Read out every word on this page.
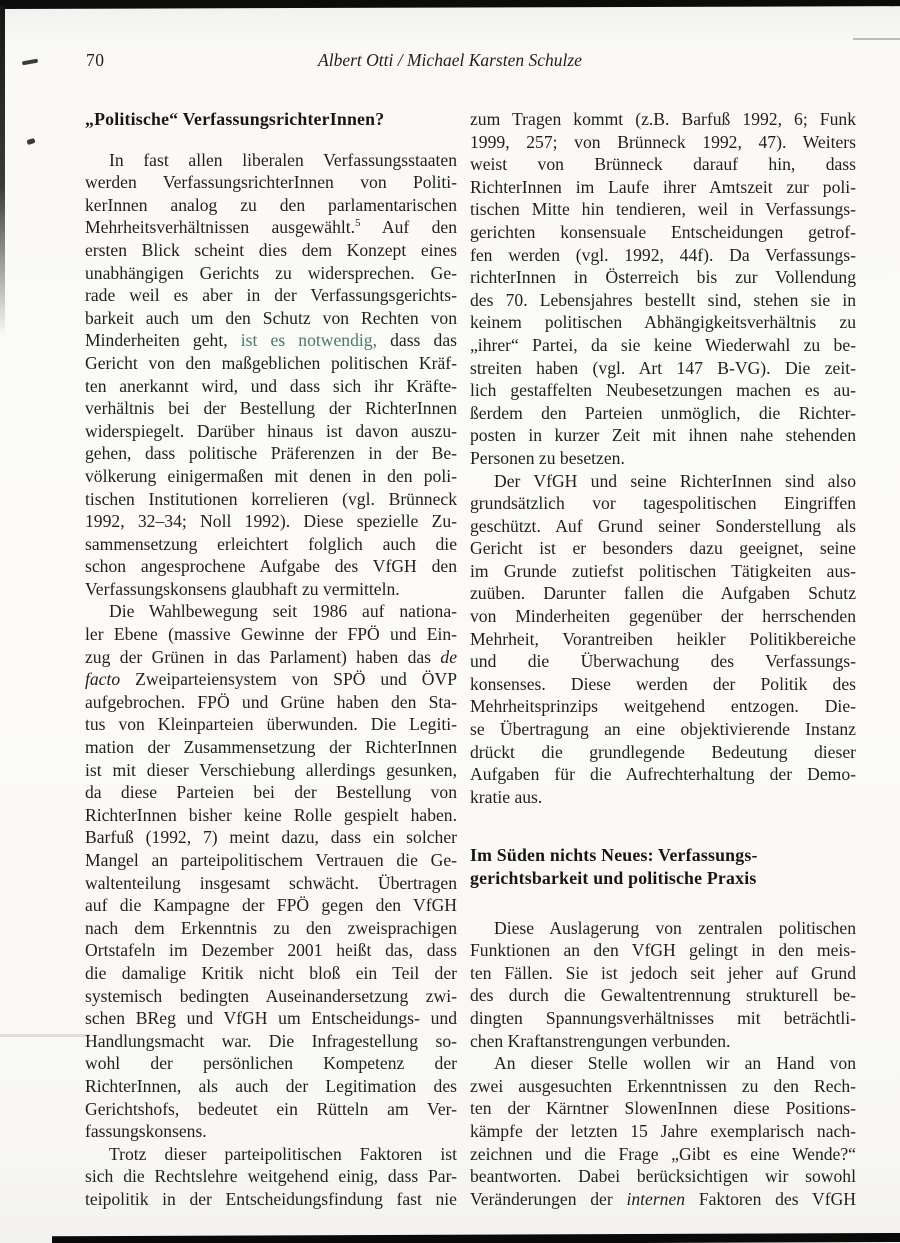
70	Albert Otti / Michael Karsten Schulze
„Politische“ VerfassungsrichterInnen?
In fast allen liberalen Verfassungsstaaten
werden VerfassungsrichterInnen von Politi-
kerInnen analog zu den parlamentarischen
Mehrheitsverhältnissen ausgewählt.$^5$ Auf den
ersten Blick scheint dies dem Konzept eines
unabhängigen Gerichts zu widersprechen. Ge-
rade weil es aber in der Verfassungsgerichts-
barkeit auch um den Schutz von Rechten von
Minderheiten geht, ist es notwendig, dass das
Gericht von den maßgeblichen politischen Kräf-
ten anerkannt wird, und dass sich ihr Kräfte-
verhältnis bei der Bestellung der RichterInnen
widerspiegelt. Darüber hinaus ist davon auszu-
gehen, dass politische Präferenzen in der Be-
völkerung einigermaßen mit denen in den poli-
tischen Institutionen korrelieren (vgl. Brünneck
1992, 32–34; Noll 1992). Diese spezielle Zu-
sammensetzung erleichtert folglich auch die
schon angesprochene Aufgabe des VfGH den
Verfassungskonsens glaubhaft zu vermitteln.
Die Wahlbewegung seit 1986 auf nationa-
ler Ebene (massive Gewinne der FPÖ und Ein-
zug der Grünen in das Parlament) haben das de
facto Zweiparteiensystem von SPÖ und ÖVP
aufgebrochen. FPÖ und Grüne haben den Sta-
tus von Kleinparteien überwunden. Die Legiti-
mation der Zusammensetzung der RichterInnen
ist mit dieser Verschiebung allerdings gesunken,
da diese Parteien bei der Bestellung von
RichterInnen bisher keine Rolle gespielt haben.
Barfuß (1992, 7) meint dazu, dass ein solcher
Mangel an parteipolitischem Vertrauen die Ge-
waltenteilung insgesamt schwächt. Übertragen
auf die Kampagne der FPÖ gegen den VfGH
nach dem Erkenntnis zu den zweisprachigen
Ortstafeln im Dezember 2001 heißt das, dass
die damalige Kritik nicht bloß ein Teil der
systemisch bedingten Auseinandersetzung zwi-
schen BReg und VfGH um Entscheidungs- und
Handlungsmacht war. Die Infragestellung so-
wohl der persönlichen Kompetenz der
RichterInnen, als auch der Legitimation des
Gerichtshofs, bedeutet ein Rütteln am Ver-
fassungskonsens.
Trotz dieser parteipolitischen Faktoren ist
sich die Rechtslehre weitgehend einig, dass Par-
teipolitik in der Entscheidungsfindung fast nie
zum Tragen kommt (z.B. Barfuß 1992, 6; Funk
1999, 257; von Brünneck 1992, 47). Weiters
weist von Brünneck darauf hin, dass
RichterInnen im Laufe ihrer Amtszeit zur poli-
tischen Mitte hin tendieren, weil in Verfassungs-
gerichten konsensuale Entscheidungen getrof-
fen werden (vgl. 1992, 44f). Da Verfassungs-
richterInnen in Österreich bis zur Vollendung
des 70. Lebensjahres bestellt sind, stehen sie in
keinem politischen Abhängigkeitsverhältnis zu
„ihrer“ Partei, da sie keine Wiederwahl zu be-
streiten haben (vgl. Art 147 B-VG). Die zeit-
lich gestaffelten Neubesetzungen machen es au-
ßerdem den Parteien unmöglich, die Richter-
posten in kurzer Zeit mit ihnen nahe stehenden
Personen zu besetzen.
Der VfGH und seine RichterInnen sind also
grundsätzlich vor tagespolitischen Eingriffen
geschützt. Auf Grund seiner Sonderstellung als
Gericht ist er besonders dazu geeignet, seine
im Grunde zutiefst politischen Tätigkeiten aus-
zuüben. Darunter fallen die Aufgaben Schutz
von Minderheiten gegenüber der herrschenden
Mehrheit, Vorantreiben heikler Politikbereiche
und die Überwachung des Verfassungs-
konsenses. Diese werden der Politik des
Mehrheitsprinzips weitgehend entzogen. Die-
se Übertragung an eine objektivierende Instanz
drückt die grundlegende Bedeutung dieser
Aufgaben für die Aufrechterhaltung der Demo-
kratie aus.
Im Süden nichts Neues: Verfassungs-
gerichtsbarkeit und politische Praxis
Diese Auslagerung von zentralen politischen
Funktionen an den VfGH gelingt in den meis-
ten Fällen. Sie ist jedoch seit jeher auf Grund
des durch die Gewaltentrennung strukturell be-
dingten Spannungsverhältnisses mit beträchtli-
chen Kraftanstrengungen verbunden.
An dieser Stelle wollen wir an Hand von
zwei ausgesuchten Erkenntnissen zu den Rech-
ten der Kärntner SlowenInnen diese Positions-
kämpfe der letzten 15 Jahre exemplarisch nach-
zeichnen und die Frage „Gibt es eine Wende?“
beantworten. Dabei berücksichtigen wir sowohl
Veränderungen der internen Faktoren des VfGH
